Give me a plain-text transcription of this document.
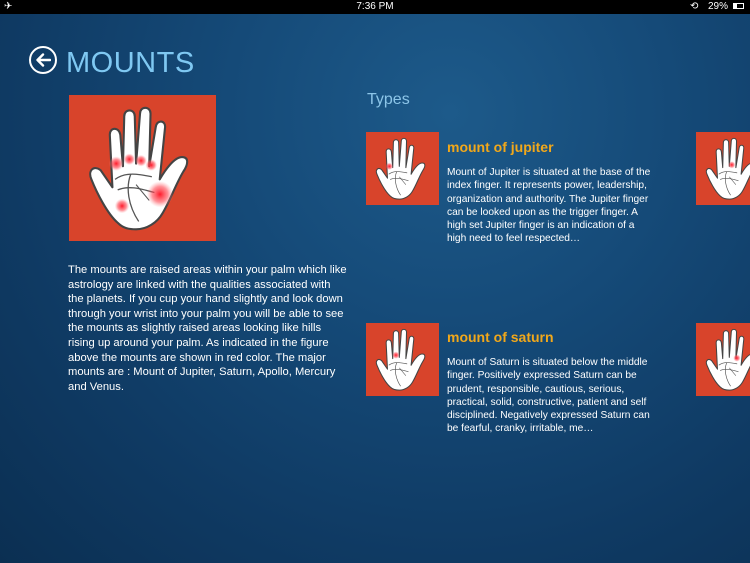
✈	7:36 PM	⟲ 29%
MOUNTS
The mounts are raised areas within your palm which like astrology are linked with the qualities associated with the planets. If you cup your hand slightly and look down through your wrist into your palm you will be able to see the mounts as slightly raised areas looking like hills rising up around your palm. As indicated in the figure above the mounts are shown in red color. The major mounts are : Mount of Jupiter, Saturn, Apollo, Mercury and Venus.
Types
mount of jupiter
Mount of Jupiter is situated at the base of the index finger. It represents power, leadership, organization and authority. The Jupiter finger can be looked upon as the trigger finger. A high set Jupiter finger is an indication of a high need to feel respected…
mount of saturn
Mount of Saturn is situated below the middle finger. Positively expressed Saturn can be prudent, responsible, cautious, serious, practical, solid, constructive, patient and self disciplined. Negatively expressed Saturn can be fearful, cranky, irritable, me…
